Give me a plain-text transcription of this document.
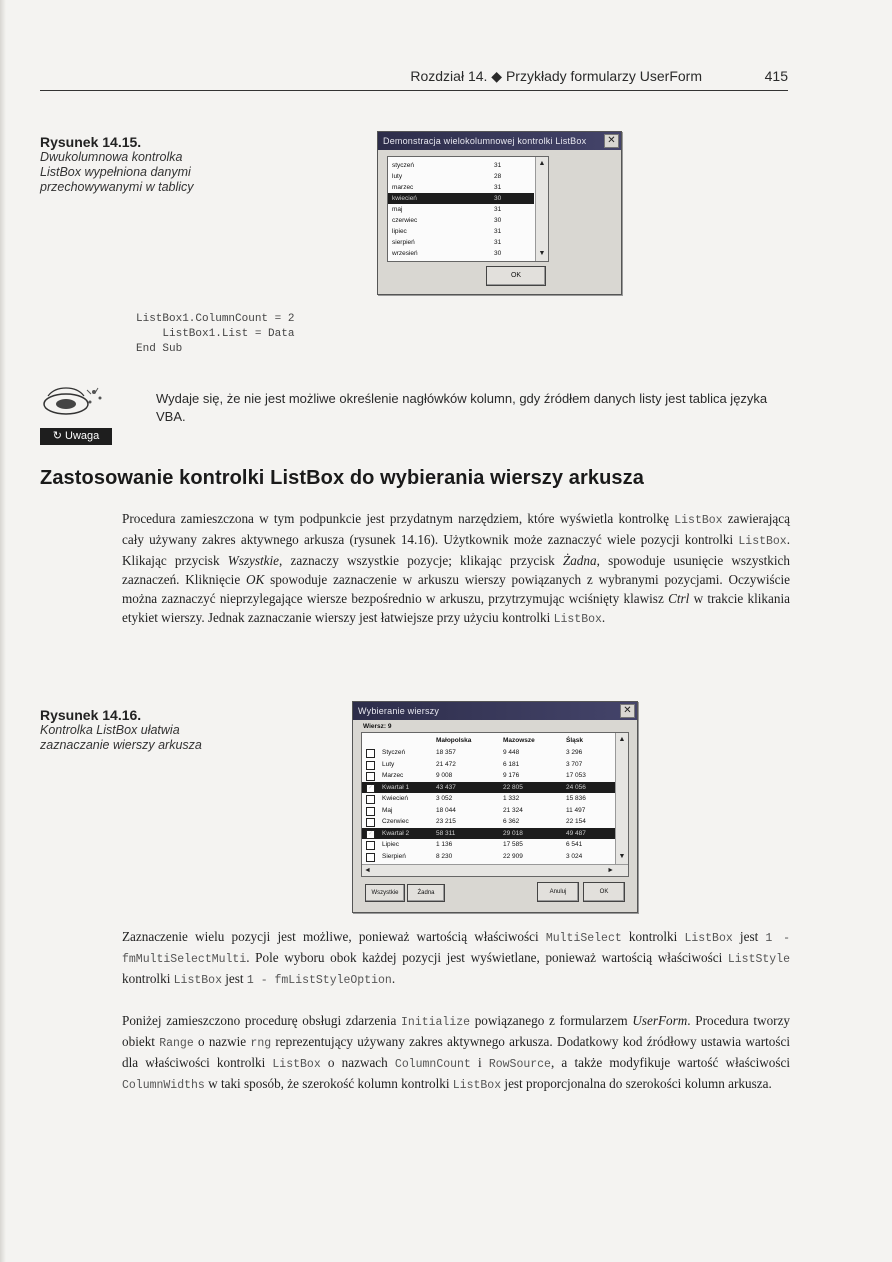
Rozdział 14. ◆ Przykłady formularzy UserForm	415
Rysunek 14.15.
Dwukolumnowa kontrolka ListBox wypełniona danymi przechowywanymi w tablicy
Demonstracja wielokolumnowej kontrolki ListBox	✕
▲
▼
styczeń	31
luty	28
marzec	31
kwiecień	30
maj	31
czerwiec	30
lipiec	31
sierpień	31
wrzesień	30
OK
ListBox1.ColumnCount = 2
ListBox1.List = Data
End Sub
↻ Uwaga
Wydaje się, że nie jest możliwe określenie nagłówków kolumn, gdy źródłem danych listy jest tablica języka VBA.
Zastosowanie kontrolki ListBox do wybierania wierszy arkusza
Procedura zamieszczona w tym podpunkcie jest przydatnym narzędziem, które wyświetla kontrolkę ListBox zawierającą cały używany zakres aktywnego arkusza (rysunek 14.16). Użytkownik może zaznaczyć wiele pozycji kontrolki ListBox. Klikając przycisk Wszystkie, zaznaczy wszystkie pozycje; klikając przycisk Żadna, spowoduje usunięcie wszystkich zaznaczeń. Kliknięcie OK spowoduje zaznaczenie w arkuszu wierszy powiązanych z wybranymi pozycjami. Oczywiście można zaznaczyć nieprzylegające wiersze bezpośrednio w arkuszu, przytrzymując wciśnięty klawisz Ctrl w trakcie klikania etykiet wierszy. Jednak zaznaczanie wierszy jest łatwiejsze przy użyciu kontrolki ListBox.
Rysunek 14.16.
Kontrolka ListBox ułatwia zaznaczanie wierszy arkusza
Wybieranie wierszy	✕
Wiersz: 9
Małopolska	Mazowsze	Śląsk
Styczeń	18 357	9 448	3 296
Luty	21 472	6 181	3 707
Marzec	9 008	9 176	17 053
✓	Kwartał 1	43 437	22 805	24 056
Kwiecień	3 052	1 332	15 836
Maj	18 044	21 324	11 497
Czerwiec	23 215	6 362	22 154
✓	Kwartał 2	58 311	29 018	49 487
Lipiec	1 136	17 585	6 541
Sierpień	8 230	22 909	3 024
▲
▼
◄	►
Wszystkie	Żadna	Anuluj	OK
Zaznaczenie wielu pozycji jest możliwe, ponieważ wartością właściwości MultiSelect kontrolki ListBox jest 1 - fmMultiSelectMulti. Pole wyboru obok każdej pozycji jest wyświetlane, ponieważ wartością właściwości ListStyle kontrolki ListBox jest 1 - fmListStyleOption.
Poniżej zamieszczono procedurę obsługi zdarzenia Initialize powiązanego z formularzem UserForm. Procedura tworzy obiekt Range o nazwie rng reprezentujący używany zakres aktywnego arkusza. Dodatkowy kod źródłowy ustawia wartości dla właściwości kontrolki ListBox o nazwach ColumnCount i RowSource, a także modyfikuje wartość właściwości ColumnWidths w taki sposób, że szerokość kolumn kontrolki ListBox jest proporcjonalna do szerokości kolumn arkusza.
